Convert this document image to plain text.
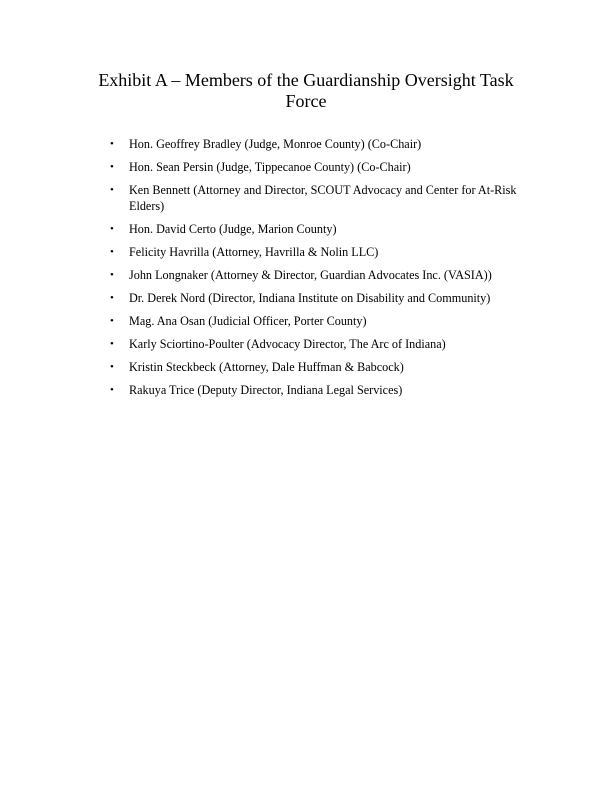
Exhibit A – Members of the Guardianship Oversight Task Force
•	Hon. Geoffrey Bradley (Judge, Monroe County) (Co-Chair)
•	Hon. Sean Persin (Judge, Tippecanoe County) (Co-Chair)
•	Ken Bennett (Attorney and Director, SCOUT Advocacy and Center for At-Risk Elders)
•	Hon. David Certo (Judge, Marion County)
•	Felicity Havrilla (Attorney, Havrilla & Nolin LLC)
•	John Longnaker (Attorney & Director, Guardian Advocates Inc. (VASIA))
•	Dr. Derek Nord (Director, Indiana Institute on Disability and Community)
•	Mag. Ana Osan (Judicial Officer, Porter County)
•	Karly Sciortino-Poulter (Advocacy Director, The Arc of Indiana)
•	Kristin Steckbeck (Attorney, Dale Huffman & Babcock)
•	Rakuya Trice (Deputy Director, Indiana Legal Services)
